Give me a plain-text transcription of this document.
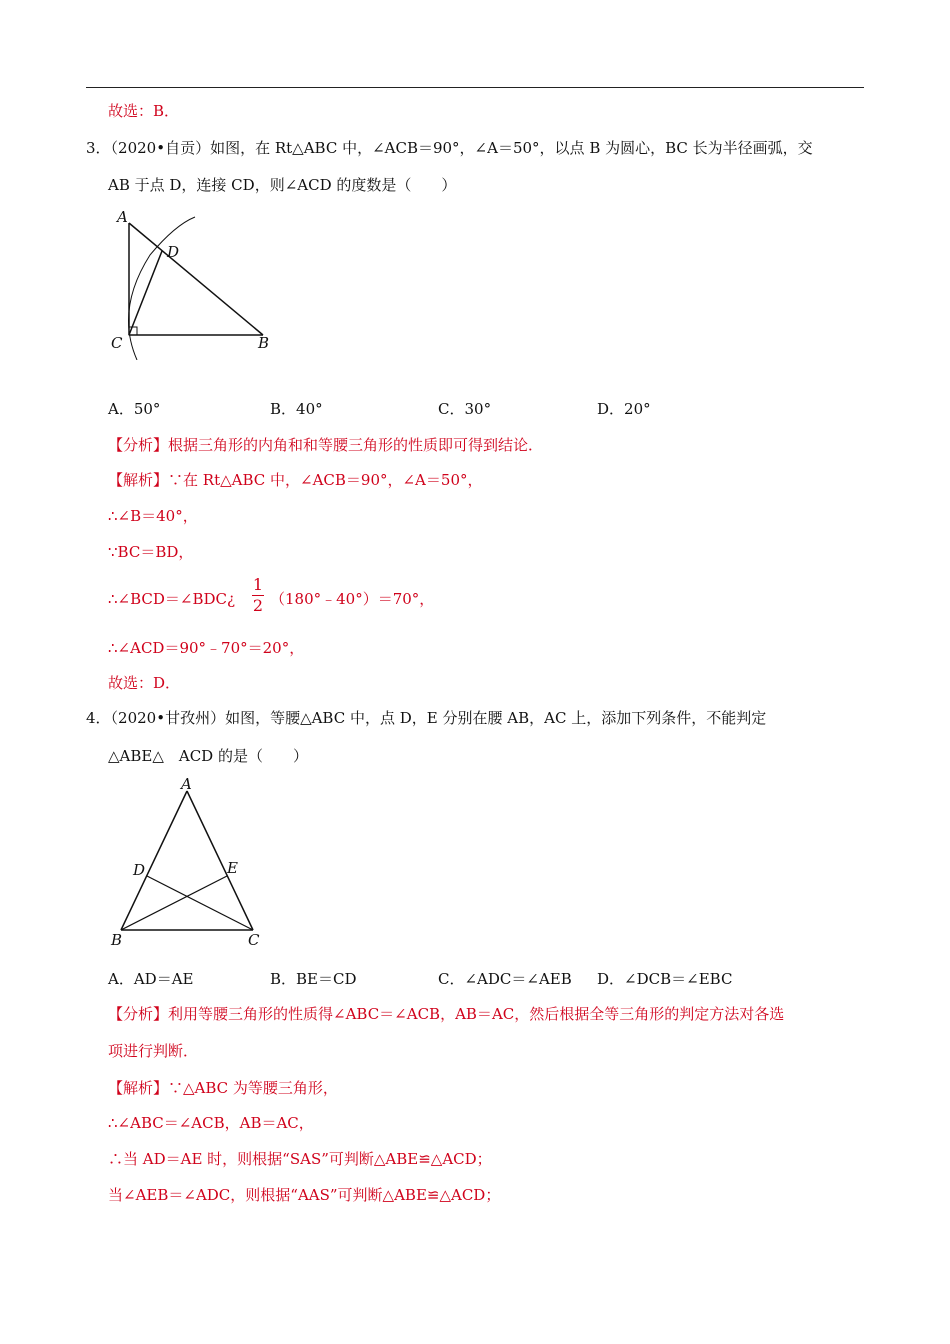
故选：B．
3．（2020•自贡）如图，在 Rt△ABC 中，∠ACB＝90°，∠A＝50°，以点 B 为圆心，BC 长为半径画弧，交
AB 于点 D，连接 CD，则∠ACD 的度数是（　　）
A
D
C	B
A．50°	B．40°	C．30°	D．20°
【分析】根据三角形的内角和和等腰三角形的性质即可得到结论．
【解析】∵在 Rt△ABC 中，∠ACB＝90°，∠A＝50°，
∴∠B＝40°，
∵BC＝BD，
∴∠BCD＝∠BDC¿
1
2 （180°﹣40°）＝70°，
∴∠ACD＝90°﹣70°＝20°，
故选：D．
4．（2020•甘孜州）如图，等腰△ABC 中，点 D，E 分别在腰 AB，AC 上，添加下列条件，不能判定
△ABE△　ACD 的是（　　）
A
D	E
B	C
A．AD＝AE	B．BE＝CD	C．∠ADC＝∠AEB D．∠DCB＝∠EBC
【分析】利用等腰三角形的性质得∠ABC＝∠ACB，AB＝AC，然后根据全等三角形的判定方法对各选
项进行判断．
【解析】∵△ABC 为等腰三角形，
∴∠ABC＝∠ACB，AB＝AC，
∴当 AD＝AE 时，则根据“SAS”可判断△ABE≌△ACD；
当∠AEB＝∠ADC，则根据“AAS”可判断△ABE≌△ACD；
